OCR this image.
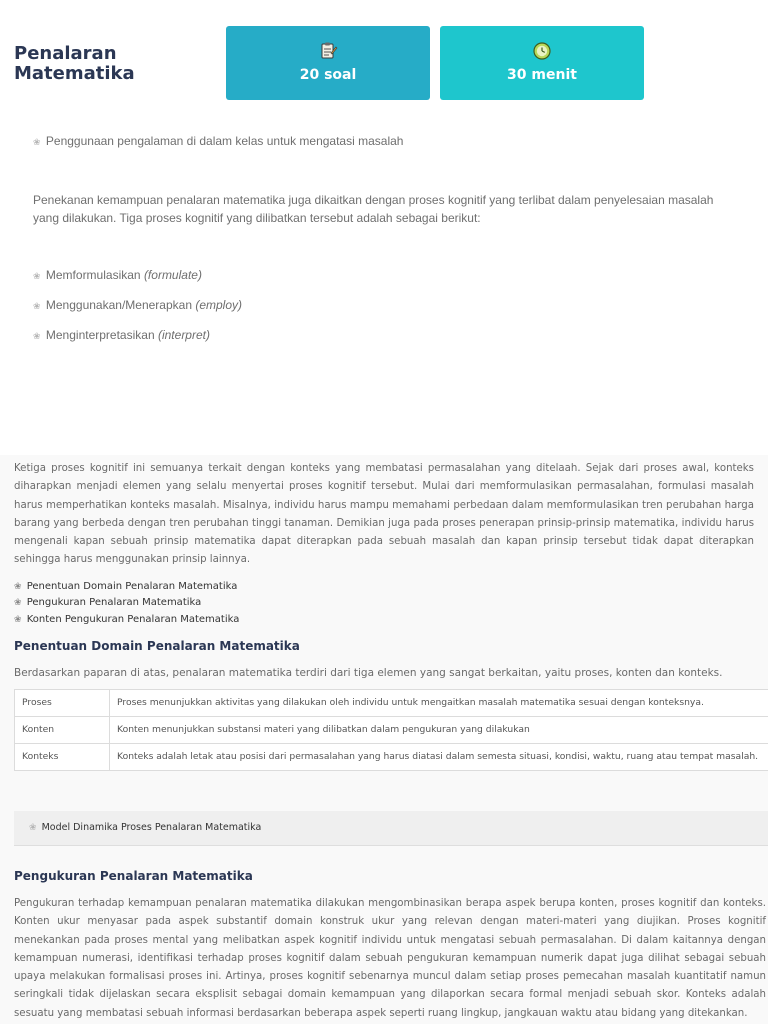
❀ Penggunaan pengalaman di dalam kelas untuk mengatasi masalah
Penekanan kemampuan penalaran matematika juga dikaitkan dengan proses kognitif yang terlibat dalam penyelesaian masalah yang dilakukan. Tiga proses kognitif yang dilibatkan tersebut adalah sebagai berikut:
❀ Memformulasikan (formulate)
❀ Menggunakan/Menerapkan (employ)
❀ Menginterpretasikan (interpret)
Penalaran Matematika	20 soal	30 menit
Ketiga proses kognitif ini semuanya terkait dengan konteks yang membatasi permasalahan yang ditelaah. Sejak dari proses awal, konteks diharapkan menjadi elemen yang selalu menyertai proses kognitif tersebut. Mulai dari memformulasikan permasalahan, formulasi masalah harus memperhatikan konteks masalah. Misalnya, individu harus mampu memahami perbedaan dalam memformulasikan tren perubahan harga barang yang berbeda dengan tren perubahan tinggi tanaman. Demikian juga pada proses penerapan prinsip-prinsip matematika, individu harus mengenali kapan sebuah prinsip matematika dapat diterapkan pada sebuah masalah dan kapan prinsip tersebut tidak dapat diterapkan sehingga harus menggunakan prinsip lainnya.
❀ Penentuan Domain Penalaran Matematika
❀ Pengukuran Penalaran Matematika
❀ Konten Pengukuran Penalaran Matematika
Penentuan Domain Penalaran Matematika
Berdasarkan paparan di atas, penalaran matematika terdiri dari tiga elemen yang sangat berkaitan, yaitu proses, konten dan konteks.
Proses	Proses menunjukkan aktivitas yang dilakukan oleh individu untuk mengaitkan masalah matematika sesuai dengan konteksnya.
Konten	Konten menunjukkan substansi materi yang dilibatkan dalam pengukuran yang dilakukan
Konteks	Konteks adalah letak atau posisi dari permasalahan yang harus diatasi dalam semesta situasi, kondisi, waktu, ruang atau tempat masalah.
❀ Model Dinamika Proses Penalaran Matematika
Pengukuran Penalaran Matematika
Pengukuran terhadap kemampuan penalaran matematika dilakukan mengombinasikan berapa aspek berupa konten, proses kognitif dan konteks. Konten ukur menyasar pada aspek substantif domain konstruk ukur yang relevan dengan materi-materi yang diujikan. Proses kognitif menekankan pada proses mental yang melibatkan aspek kognitif individu untuk mengatasi sebuah permasalahan. Di dalam kaitannya dengan kemampuan numerasi, identifikasi terhadap proses kognitif dalam sebuah pengukuran kemampuan numerik dapat juga dilihat sebagai sebuah upaya melakukan formalisasi proses ini. Artinya, proses kognitif sebenarnya muncul dalam setiap proses pemecahan masalah kuantitatif namun seringkali tidak dijelaskan secara eksplisit sebagai domain kemampuan yang dilaporkan secara formal menjadi sebuah skor. Konteks adalah sesuatu yang membatasi sebuah informasi berdasarkan beberapa aspek seperti ruang lingkup, jangkauan waktu atau bidang yang ditekankan.
